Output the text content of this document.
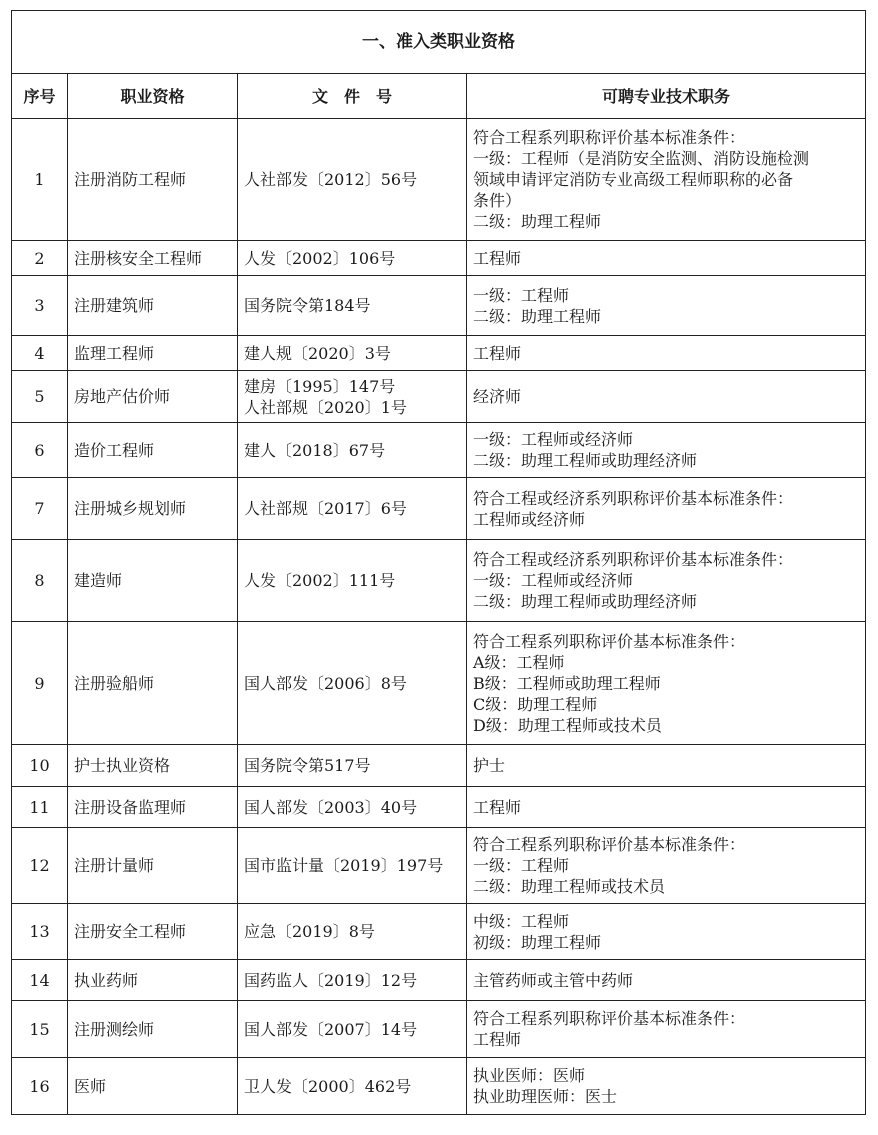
一、准入类职业资格			
序号	职业资格	文　件　号	可聘专业技术职务
1	注册消防工程师	人社部发〔2012〕56号	符合工程系列职称评价基本标准条件：
一级：工程师（是消防安全监测、消防设施检测
领域申请评定消防专业高级工程师职称的必备
条件）
二级：助理工程师

2	注册核安全工程师	人发〔2002〕106号	工程师

3	注册建筑师	国务院令第184号	一级：工程师
二级：助理工程师

4	监理工程师	建人规〔2020〕3号	工程师

5	房地产估价师	建房〔1995〕147号
人社部规〔2020〕1号	经济师

6	造价工程师	建人〔2018〕67号	一级：工程师或经济师
二级：助理工程师或助理经济师

7	注册城乡规划师	人社部规〔2017〕6号	符合工程或经济系列职称评价基本标准条件：
工程师或经济师

8	建造师	人发〔2002〕111号	符合工程或经济系列职称评价基本标准条件：
一级：工程师或经济师
二级：助理工程师或助理经济师

9	注册验船师	国人部发〔2006〕8号	符合工程系列职称评价基本标准条件：
A级：工程师
B级：工程师或助理工程师
C级：助理工程师
D级：助理工程师或技术员

10	护士执业资格	国务院令第517号	护士

11	注册设备监理师	国人部发〔2003〕40号	工程师

12	注册计量师	国市监计量〔2019〕197号	符合工程系列职称评价基本标准条件：
一级：工程师
二级：助理工程师或技术员

13	注册安全工程师	应急〔2019〕8号	中级：工程师
初级：助理工程师

14	执业药师	国药监人〔2019〕12号	主管药师或主管中药师

15	注册测绘师	国人部发〔2007〕14号	符合工程系列职称评价基本标准条件：
工程师

16	医师	卫人发〔2000〕462号	执业医师：医师
执业助理医师：医士
